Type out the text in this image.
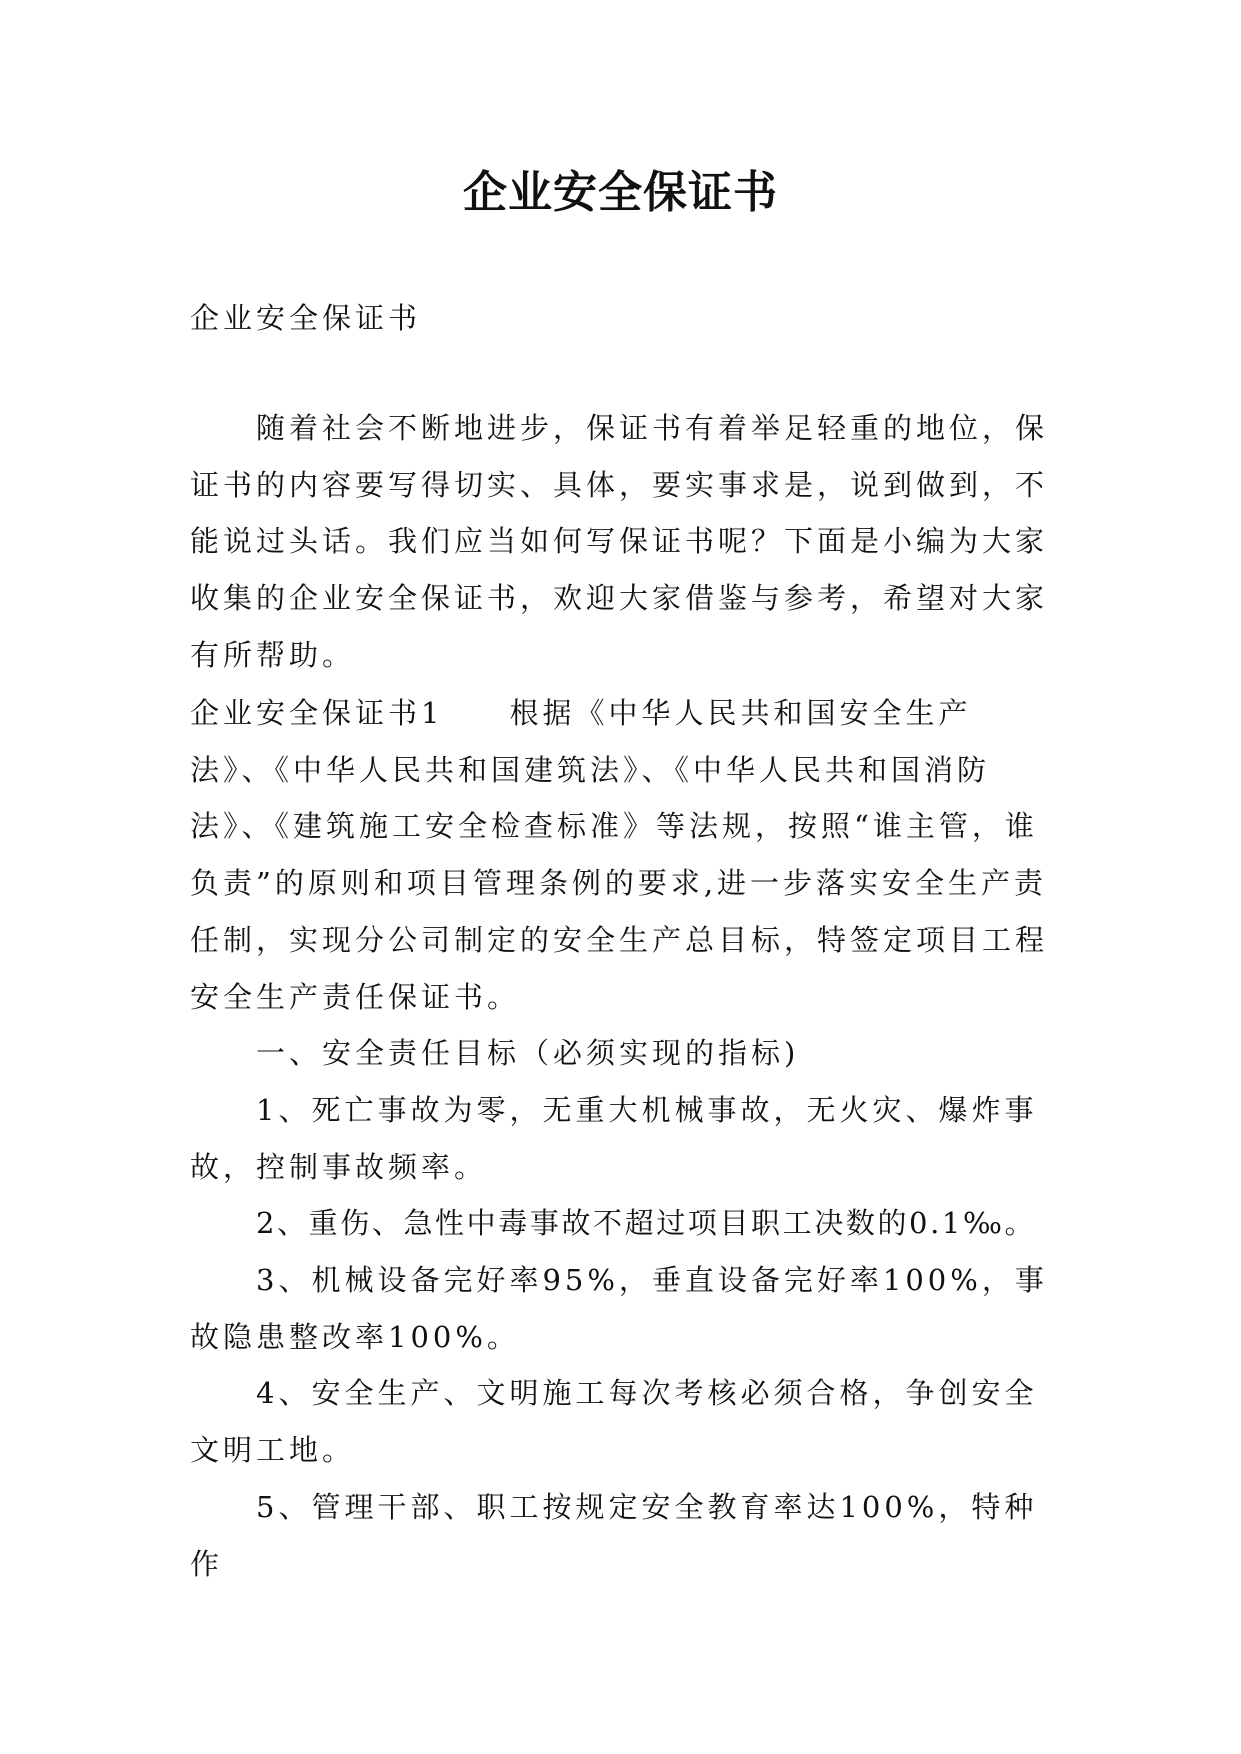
企业安全保证书
企业安全保证书

随着社会不断地进步，保证书有着举足轻重的地位，保证书的内容要写得切实、具体，要实事求是，说到做到，不能说过头话。我们应当如何写保证书呢？下面是小编为大家收集的企业安全保证书，欢迎大家借鉴与参考，希望对大家有所帮助。

企业安全保证书1　　根据《中华人民共和国安全生产法》、《中华人民共和国建筑法》、《中华人民共和国消防法》、《建筑施工安全检查标准》等法规，按照“谁主管，谁负责”的原则和项目管理条例的要求,进一步落实安全生产责任制，实现分公司制定的安全生产总目标，特签定项目工程安全生产责任保证书。

一、安全责任目标（必须实现的指标)

1、死亡事故为零，无重大机械事故，无火灾、爆炸事故，控制事故频率。

2、重伤、急性中毒事故不超过项目职工决数的0.1‰。

3、机械设备完好率95%，垂直设备完好率100%，事故隐患整改率100%。

4、安全生产、文明施工每次考核必须合格，争创安全文明工地。

5、管理干部、职工按规定安全教育率达100%，特种作
